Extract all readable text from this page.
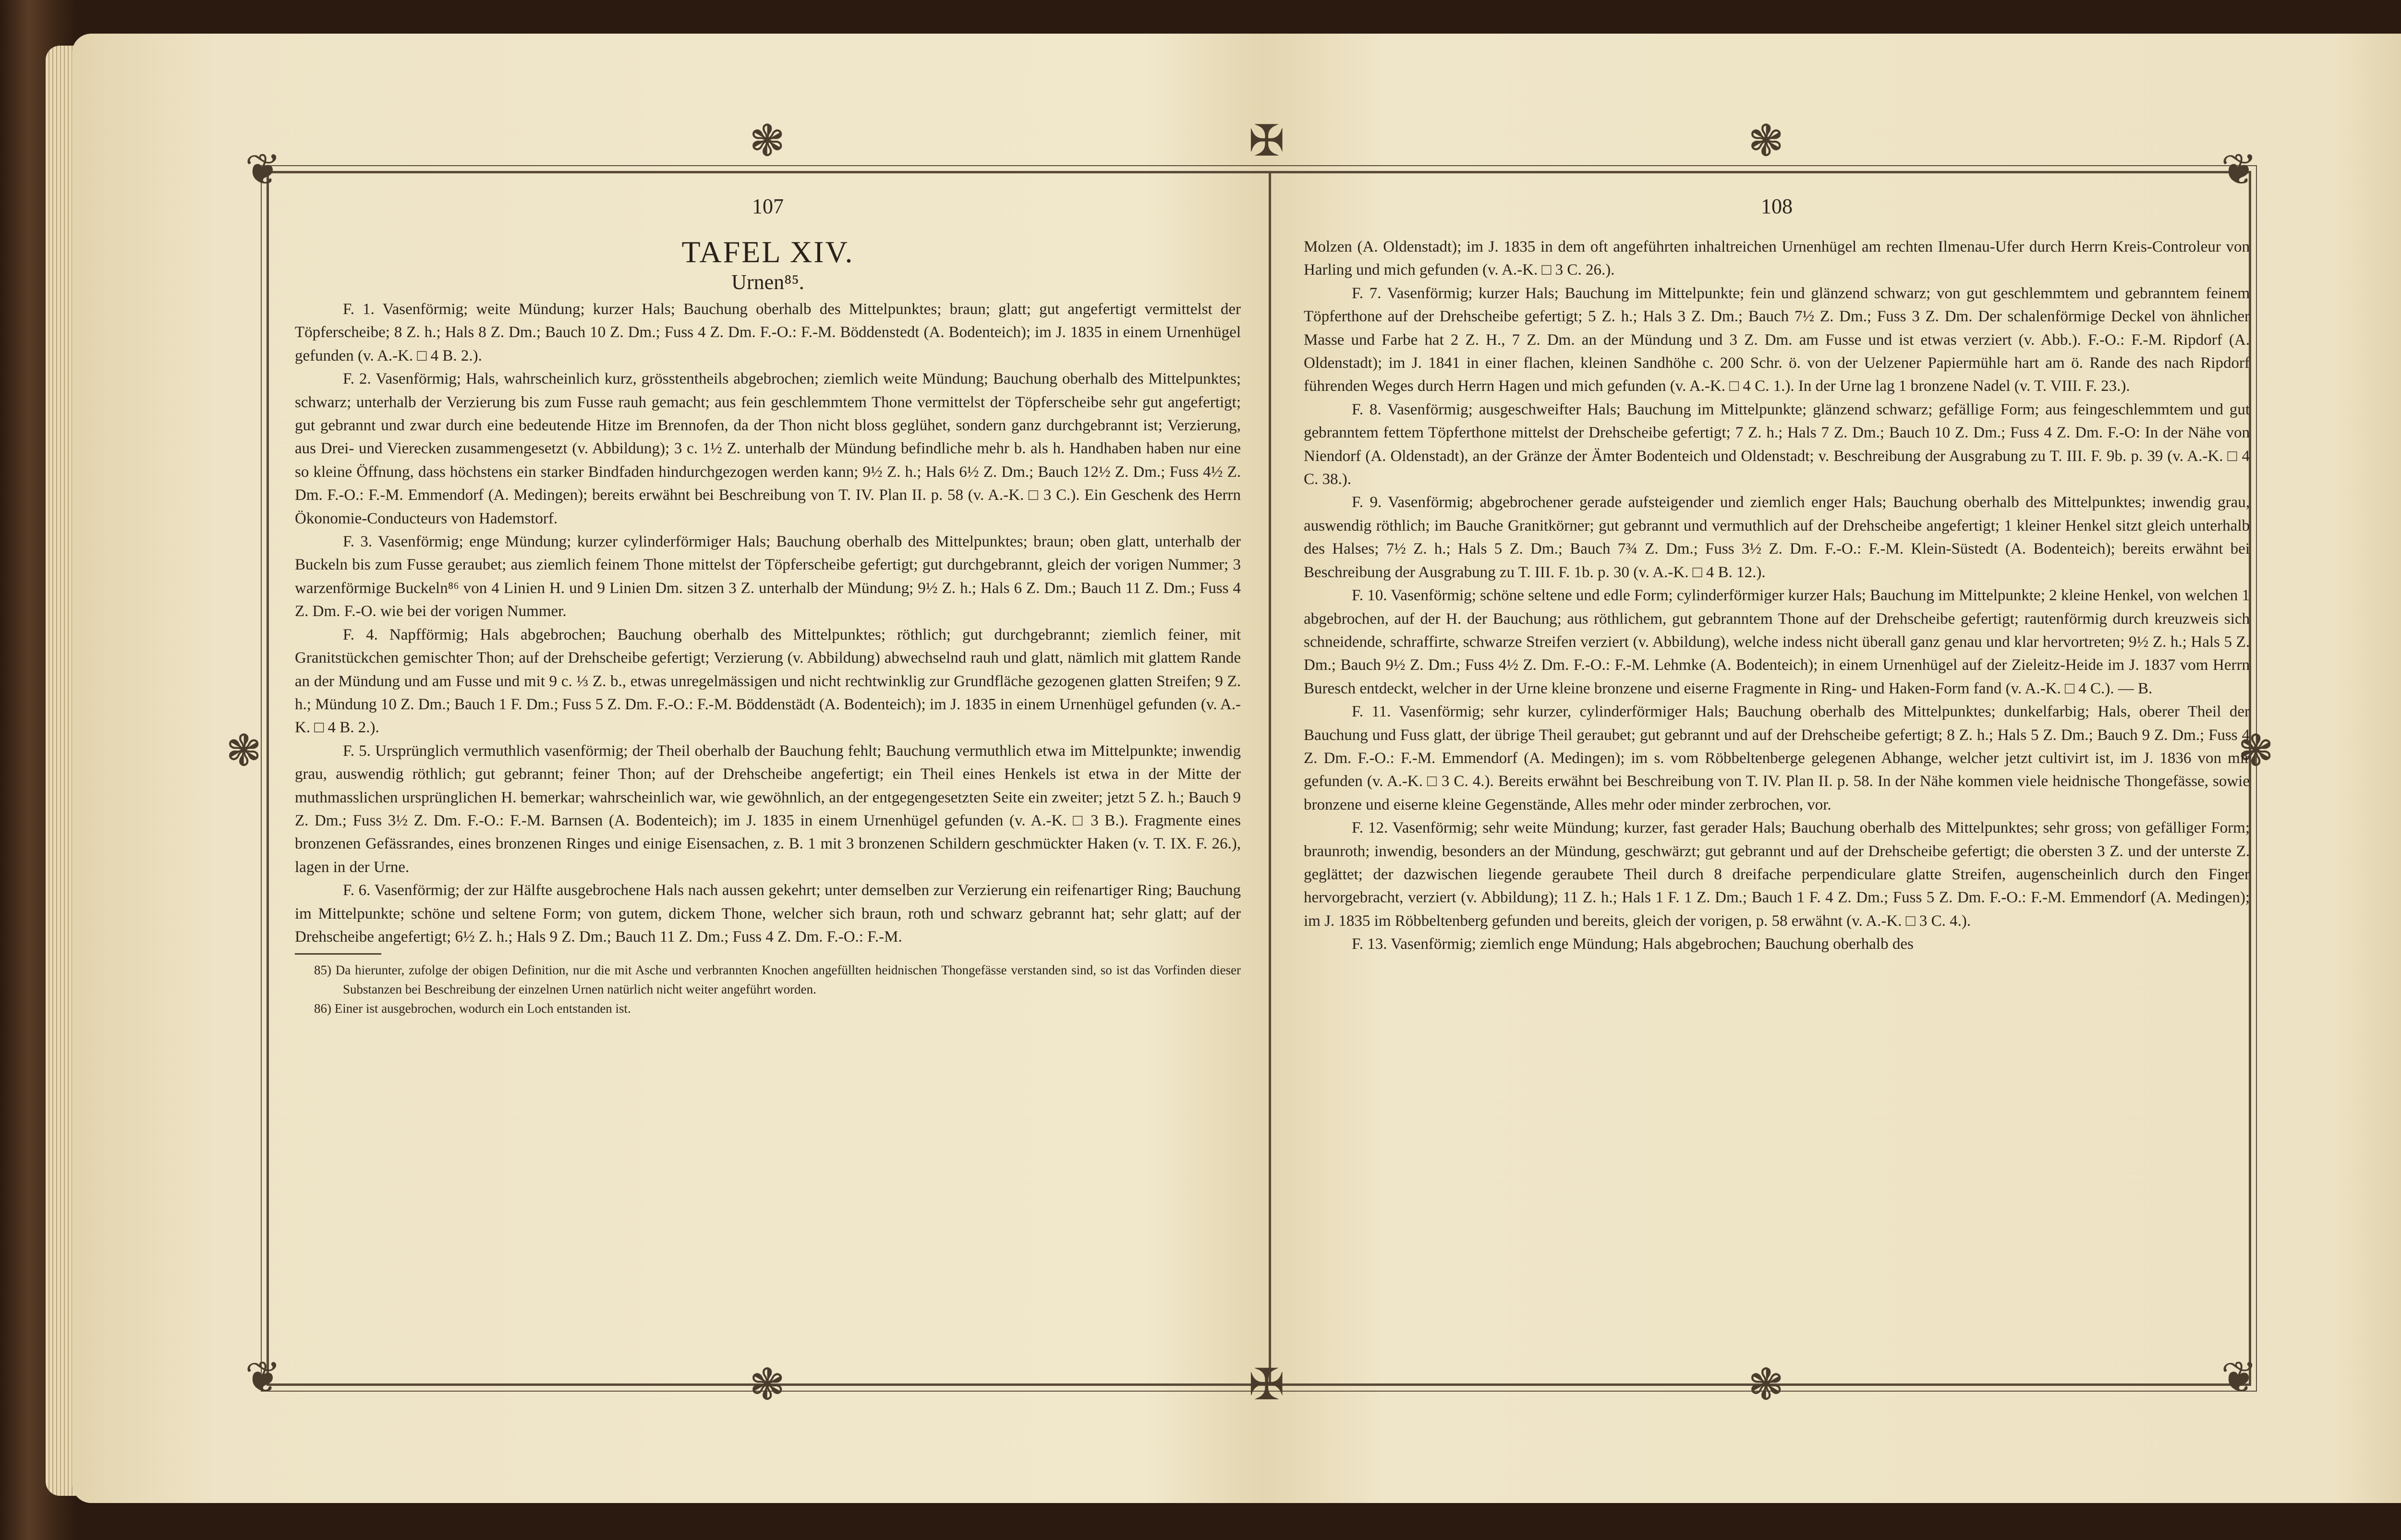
❦	❦
❦	❦
✠
✠
❃	❃
❃	❃
❃	❃
107
TAFEL XIV.
Urnen⁸⁵.

F. 1. Vasenförmig; weite Mündung; kurzer Hals; Bauchung oberhalb des Mittelpunktes; braun; glatt; gut angefertigt vermittelst der Töpferscheibe; 8 Z. h.; Hals 8 Z. Dm.; Bauch 10 Z. Dm.; Fuss 4 Z. Dm. F.-O.: F.-M. Böddenstedt (A. Bodenteich); im J. 1835 in einem Urnenhügel gefunden (v. A.-K. □ 4 B. 2.).

F. 2. Vasenförmig; Hals, wahrscheinlich kurz, grösstentheils abgebrochen; ziemlich weite Mündung; Bauchung oberhalb des Mittelpunktes; schwarz; unterhalb der Verzierung bis zum Fusse rauh gemacht; aus fein geschlemmtem Thone vermittelst der Töpferscheibe sehr gut angefertigt; gut gebrannt und zwar durch eine bedeutende Hitze im Brennofen, da der Thon nicht bloss geglühet, sondern ganz durchgebrannt ist; Verzierung, aus Drei- und Vierecken zusammengesetzt (v. Abbildung); 3 c. 1½ Z. unterhalb der Mündung befindliche mehr b. als h. Handhaben haben nur eine so kleine Öffnung, dass höchstens ein starker Bindfaden hindurchgezogen werden kann; 9½ Z. h.; Hals 6½ Z. Dm.; Bauch 12½ Z. Dm.; Fuss 4½ Z. Dm. F.-O.: F.-M. Emmendorf (A. Medingen); bereits erwähnt bei Beschreibung von T. IV. Plan II. p. 58 (v. A.-K. □ 3 C.). Ein Geschenk des Herrn Ökonomie-Conducteurs von Hademstorf.

F. 3. Vasenförmig; enge Mündung; kurzer cylinderförmiger Hals; Bauchung oberhalb des Mittelpunktes; braun; oben glatt, unterhalb der Buckeln bis zum Fusse geraubet; aus ziemlich feinem Thone mittelst der Töpferscheibe gefertigt; gut durchgebrannt, gleich der vorigen Nummer; 3 warzenförmige Buckeln⁸⁶ von 4 Linien H. und 9 Linien Dm. sitzen 3 Z. unterhalb der Mündung; 9½ Z. h.; Hals 6 Z. Dm.; Bauch 11 Z. Dm.; Fuss 4 Z. Dm. F.-O. wie bei der vorigen Nummer.

F. 4. Napfförmig; Hals abgebrochen; Bauchung oberhalb des Mittelpunktes; röthlich; gut durchgebrannt; ziemlich feiner, mit Granitstückchen gemischter Thon; auf der Drehscheibe gefertigt; Verzierung (v. Abbildung) abwechselnd rauh und glatt, nämlich mit glattem Rande an der Mündung und am Fusse und mit 9 c. ⅓ Z. b., etwas unregelmässigen und nicht rechtwinklig zur Grundfläche gezogenen glatten Streifen; 9 Z. h.; Mündung 10 Z. Dm.; Bauch 1 F. Dm.; Fuss 5 Z. Dm. F.-O.: F.-M. Böddenstädt (A. Bodenteich); im J. 1835 in einem Urnenhügel gefunden (v. A.-K. □ 4 B. 2.).

F. 5. Ursprünglich vermuthlich vasenförmig; der Theil oberhalb der Bauchung fehlt; Bauchung vermuthlich etwa im Mittelpunkte; inwendig grau, auswendig röthlich; gut gebrannt; feiner Thon; auf der Drehscheibe angefertigt; ein Theil eines Henkels ist etwa in der Mitte der muthmasslichen ursprünglichen H. bemerkar; wahrscheinlich war, wie gewöhnlich, an der entgegengesetzten Seite ein zweiter; jetzt 5 Z. h.; Bauch 9 Z. Dm.; Fuss 3½ Z. Dm. F.-O.: F.-M. Barnsen (A. Bodenteich); im J. 1835 in einem Urnenhügel gefunden (v. A.-K. □ 3 B.). Fragmente eines bronzenen Gefässrandes, eines bronzenen Ringes und einige Eisensachen, z. B. 1 mit 3 bronzenen Schildern geschmückter Haken (v. T. IX. F. 26.), lagen in der Urne.

F. 6. Vasenförmig; der zur Hälfte ausgebrochene Hals nach aussen gekehrt; unter demselben zur Verzierung ein reifenartiger Ring; Bauchung im Mittelpunkte; schöne und seltene Form; von gutem, dickem Thone, welcher sich braun, roth und schwarz gebrannt hat; sehr glatt; auf der Drehscheibe angefertigt; 6½ Z. h.; Hals 9 Z. Dm.; Bauch 11 Z. Dm.; Fuss 4 Z. Dm. F.-O.: F.-M.

85) Da hierunter, zufolge der obigen Definition, nur die mit Asche und verbrannten Knochen angefüllten heidnischen Thongefässe verstanden sind, so ist das Vorfinden dieser Substanzen bei Beschreibung der einzelnen Urnen natürlich nicht weiter angeführt worden.

86) Einer ist ausgebrochen, wodurch ein Loch entstanden ist.

108

Molzen (A. Oldenstadt); im J. 1835 in dem oft angeführten inhaltreichen Urnenhügel am rechten Ilmenau-Ufer durch Herrn Kreis-Controleur von Harling und mich gefunden (v. A.-K. □ 3 C. 26.).

F. 7. Vasenförmig; kurzer Hals; Bauchung im Mittelpunkte; fein und glänzend schwarz; von gut geschlemmtem und gebranntem feinem Töpferthone auf der Drehscheibe gefertigt; 5 Z. h.; Hals 3 Z. Dm.; Bauch 7½ Z. Dm.; Fuss 3 Z. Dm. Der schalenförmige Deckel von ähnlicher Masse und Farbe hat 2 Z. H., 7 Z. Dm. an der Mündung und 3 Z. Dm. am Fusse und ist etwas verziert (v. Abb.). F.-O.: F.-M. Ripdorf (A. Oldenstadt); im J. 1841 in einer flachen, kleinen Sandhöhe c. 200 Schr. ö. von der Uelzener Papiermühle hart am ö. Rande des nach Ripdorf führenden Weges durch Herrn Hagen und mich gefunden (v. A.-K. □ 4 C. 1.). In der Urne lag 1 bronzene Nadel (v. T. VIII. F. 23.).

F. 8. Vasenförmig; ausgeschweifter Hals; Bauchung im Mittelpunkte; glänzend schwarz; gefällige Form; aus feingeschlemmtem und gut gebranntem fettem Töpferthone mittelst der Drehscheibe gefertigt; 7 Z. h.; Hals 7 Z. Dm.; Bauch 10 Z. Dm.; Fuss 4 Z. Dm. F.-O: In der Nähe von Niendorf (A. Oldenstadt), an der Gränze der Ämter Bodenteich und Oldenstadt; v. Beschreibung der Ausgrabung zu T. III. F. 9b. p. 39 (v. A.-K. □ 4 C. 38.).

F. 9. Vasenförmig; abgebrochener gerade aufsteigender und ziemlich enger Hals; Bauchung oberhalb des Mittelpunktes; inwendig grau, auswendig röthlich; im Bauche Granitkörner; gut gebrannt und vermuthlich auf der Drehscheibe angefertigt; 1 kleiner Henkel sitzt gleich unterhalb des Halses; 7½ Z. h.; Hals 5 Z. Dm.; Bauch 7¾ Z. Dm.; Fuss 3½ Z. Dm. F.-O.: F.-M. Klein-Süstedt (A. Bodenteich); bereits erwähnt bei Beschreibung der Ausgrabung zu T. III. F. 1b. p. 30 (v. A.-K. □ 4 B. 12.).

F. 10. Vasenförmig; schöne seltene und edle Form; cylinderförmiger kurzer Hals; Bauchung im Mittelpunkte; 2 kleine Henkel, von welchen 1 abgebrochen, auf der H. der Bauchung; aus röthlichem, gut gebranntem Thone auf der Drehscheibe gefertigt; rautenförmig durch kreuzweis sich schneidende, schraffirte, schwarze Streifen verziert (v. Abbildung), welche indess nicht überall ganz genau und klar hervortreten; 9½ Z. h.; Hals 5 Z. Dm.; Bauch 9½ Z. Dm.; Fuss 4½ Z. Dm. F.-O.: F.-M. Lehmke (A. Bodenteich); in einem Urnenhügel auf der Zieleitz-Heide im J. 1837 vom Herrn Buresch entdeckt, welcher in der Urne kleine bronzene und eiserne Fragmente in Ring- und Haken-Form fand (v. A.-K. □ 4 C.). — B.

F. 11. Vasenförmig; sehr kurzer, cylinderförmiger Hals; Bauchung oberhalb des Mittelpunktes; dunkelfarbig; Hals, oberer Theil der Bauchung und Fuss glatt, der übrige Theil geraubet; gut gebrannt und auf der Drehscheibe gefertigt; 8 Z. h.; Hals 5 Z. Dm.; Bauch 9 Z. Dm.; Fuss 4 Z. Dm. F.-O.: F.-M. Emmendorf (A. Medingen); im s. vom Röbbeltenberge gelegenen Abhange, welcher jetzt cultivirt ist, im J. 1836 von mir gefunden (v. A.-K. □ 3 C. 4.). Bereits erwähnt bei Beschreibung von T. IV. Plan II. p. 58. In der Nähe kommen viele heidnische Thongefässe, sowie bronzene und eiserne kleine Gegenstände, Alles mehr oder minder zerbrochen, vor.

F. 12. Vasenförmig; sehr weite Mündung; kurzer, fast gerader Hals; Bauchung oberhalb des Mittelpunktes; sehr gross; von gefälliger Form; braunroth; inwendig, besonders an der Mündung, geschwärzt; gut gebrannt und auf der Drehscheibe gefertigt; die obersten 3 Z. und der unterste Z. geglättet; der dazwischen liegende geraubete Theil durch 8 dreifache perpendiculare glatte Streifen, augenscheinlich durch den Finger hervorgebracht, verziert (v. Abbildung); 11 Z. h.; Hals 1 F. 1 Z. Dm.; Bauch 1 F. 4 Z. Dm.; Fuss 5 Z. Dm. F.-O.: F.-M. Emmendorf (A. Medingen); im J. 1835 im Röbbeltenberg gefunden und bereits, gleich der vorigen, p. 58 erwähnt (v. A.-K. □ 3 C. 4.).

F. 13. Vasenförmig; ziemlich enge Mündung; Hals abgebrochen; Bauchung oberhalb des
